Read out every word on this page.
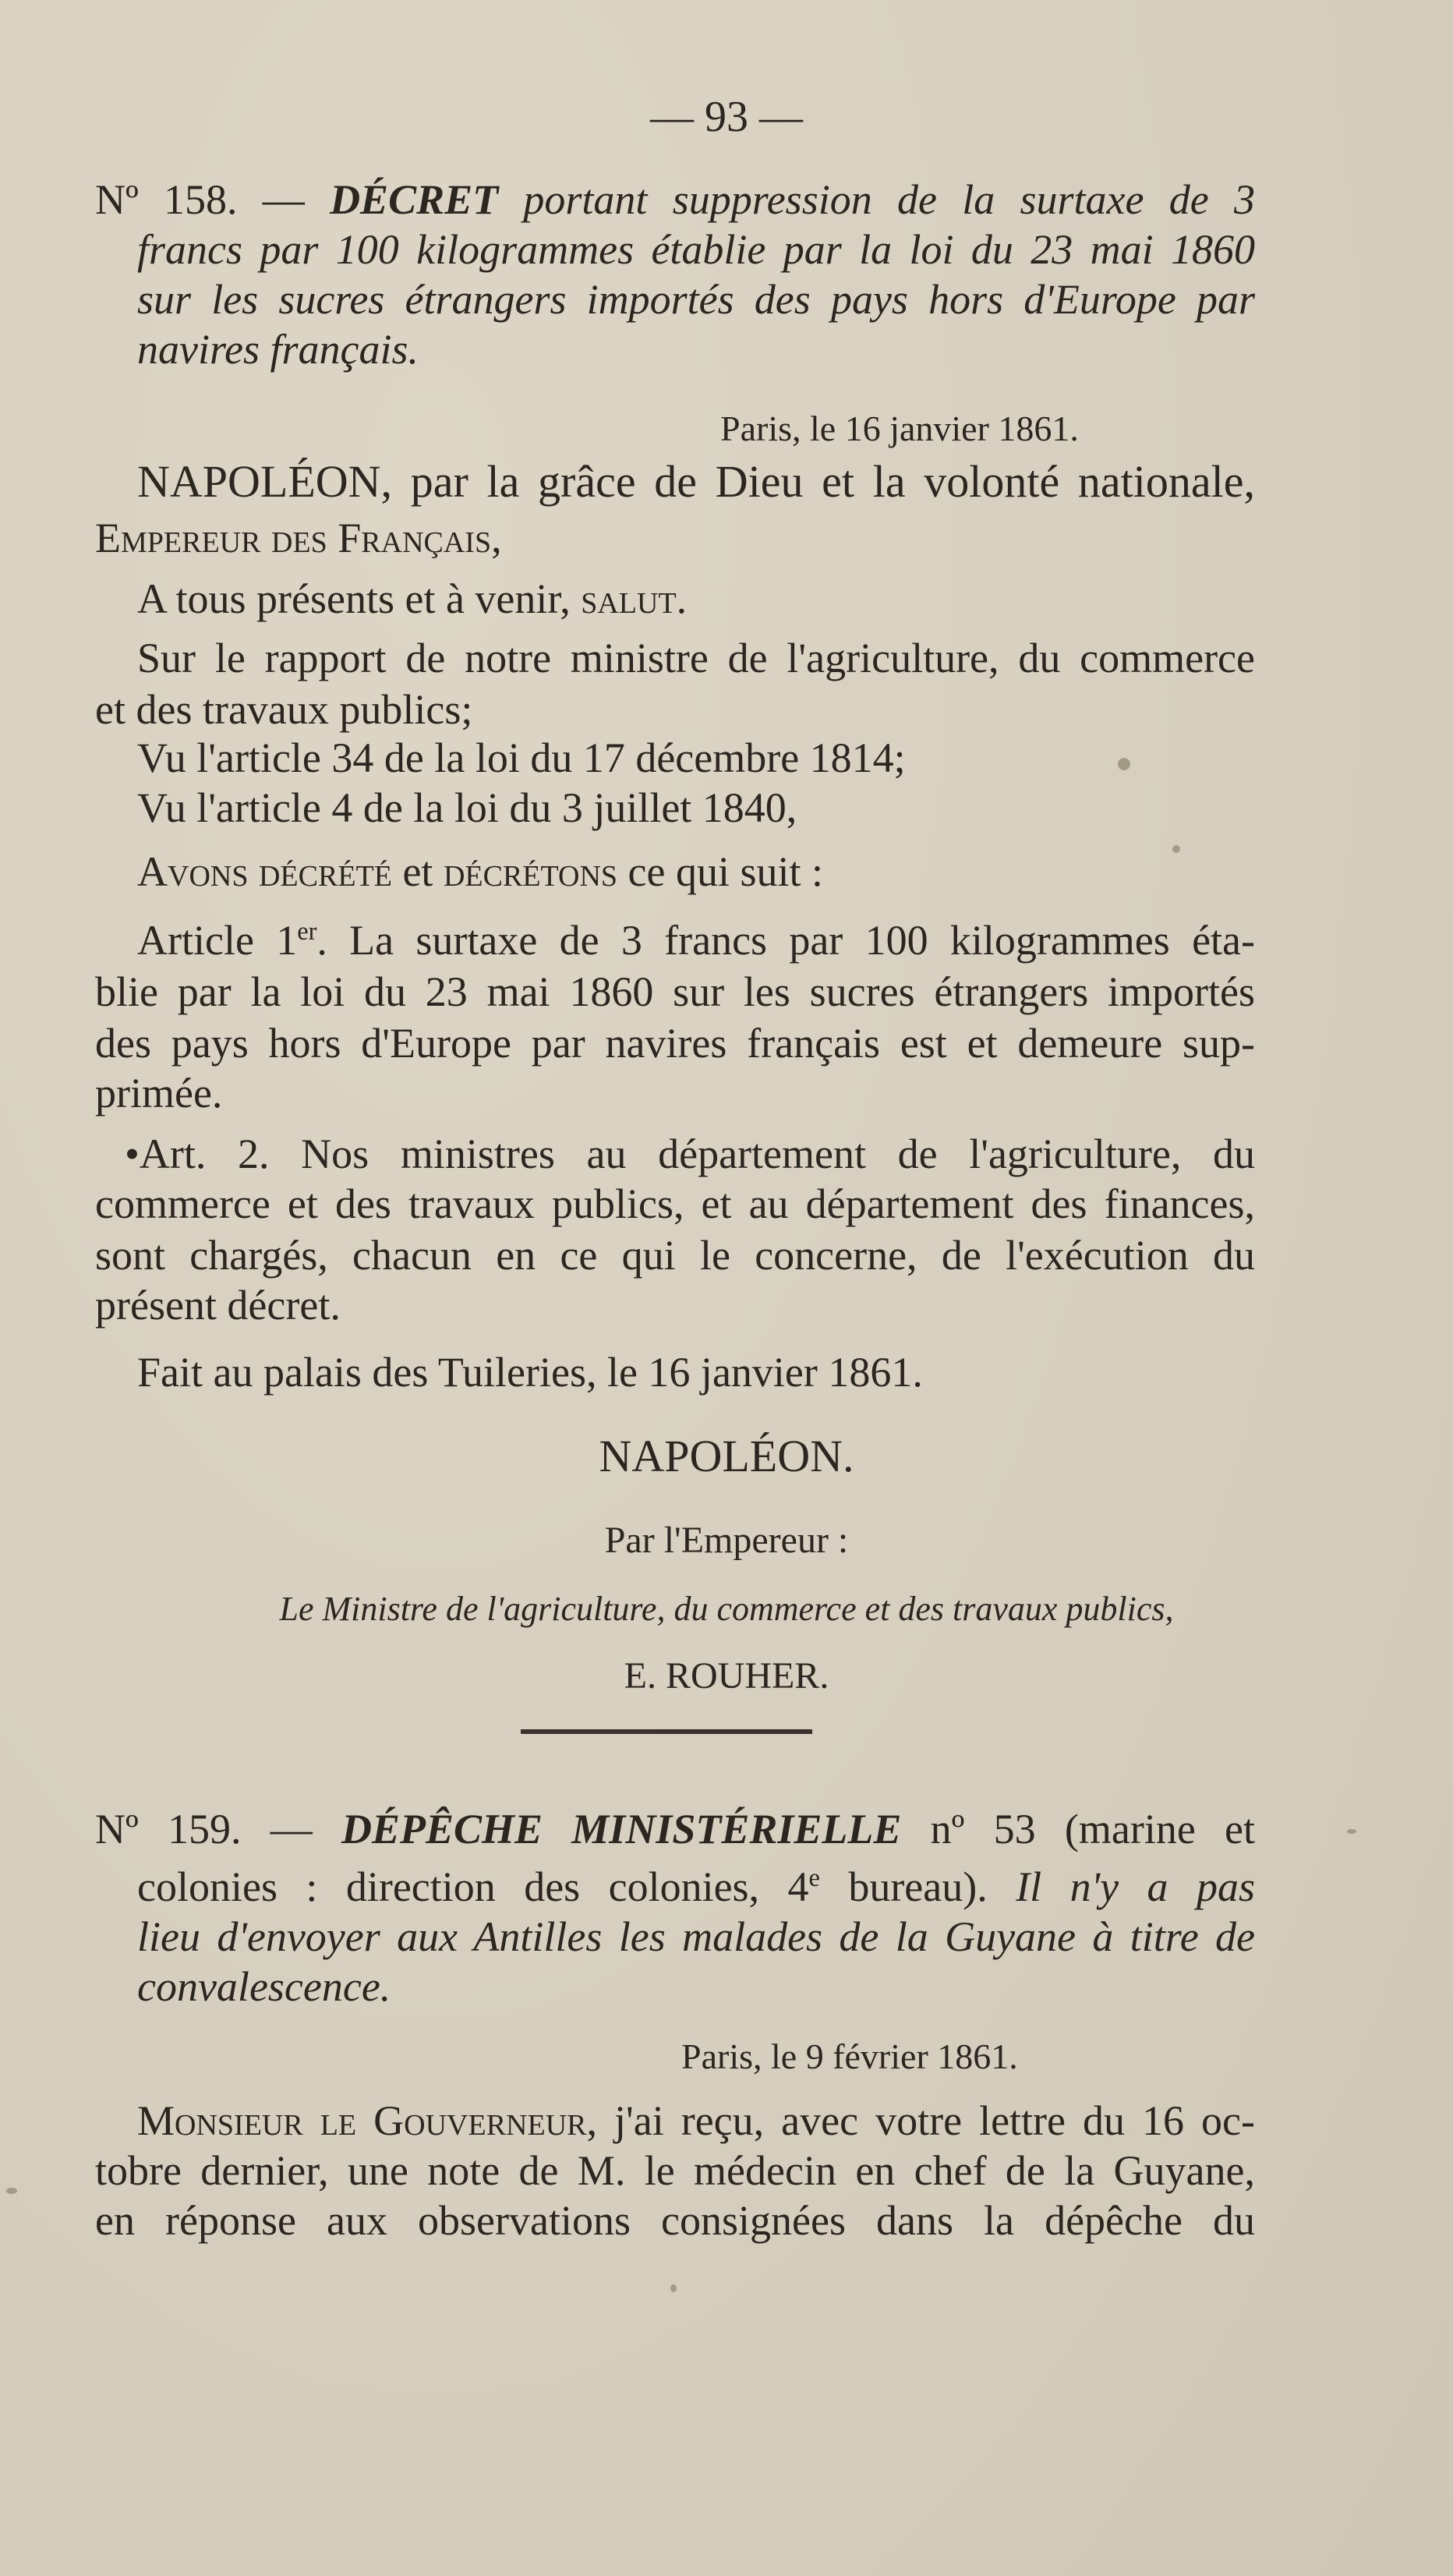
— 93 —
Nº 158. — DÉCRET portant suppression de la surtaxe de 3
francs par 100 kilogrammes établie par la loi du 23 mai 1860
sur les sucres étrangers importés des pays hors d'Europe par
navires français.
Paris, le 16 janvier 1861.
NAPOLÉON, par la grâce de Dieu et la volonté nationale,
Empereur des Français,
A tous présents et à venir, salut.
Sur le rapport de notre ministre de l'agriculture, du commerce
et des travaux publics;
Vu l'article 34 de la loi du 17 décembre 1814;
Vu l'article 4 de la loi du 3 juillet 1840,
Avons décrété et décrétons ce qui suit :
Article 1er. La surtaxe de 3 francs par 100 kilogrammes éta-
blie par la loi du 23 mai 1860 sur les sucres étrangers importés
des pays hors d'Europe par navires français est et demeure sup-
primée.
•Art. 2. Nos ministres au département de l'agriculture, du
commerce et des travaux publics, et au département des finances,
sont chargés, chacun en ce qui le concerne, de l'exécution du
présent décret.
Fait au palais des Tuileries, le 16 janvier 1861.
NAPOLÉON.
Par l'Empereur :
Le Ministre de l'agriculture, du commerce et des travaux publics,
E. ROUHER.
Nº 159. — DÉPÊCHE MINISTÉRIELLE nº 53 (marine et
colonies : direction des colonies, 4e bureau). Il n'y a pas
lieu d'envoyer aux Antilles les malades de la Guyane à titre de
convalescence.
Paris, le 9 février 1861.
Monsieur le Gouverneur, j'ai reçu, avec votre lettre du 16 oc-
tobre dernier, une note de M. le médecin en chef de la Guyane,
en réponse aux observations consignées dans la dépêche du
